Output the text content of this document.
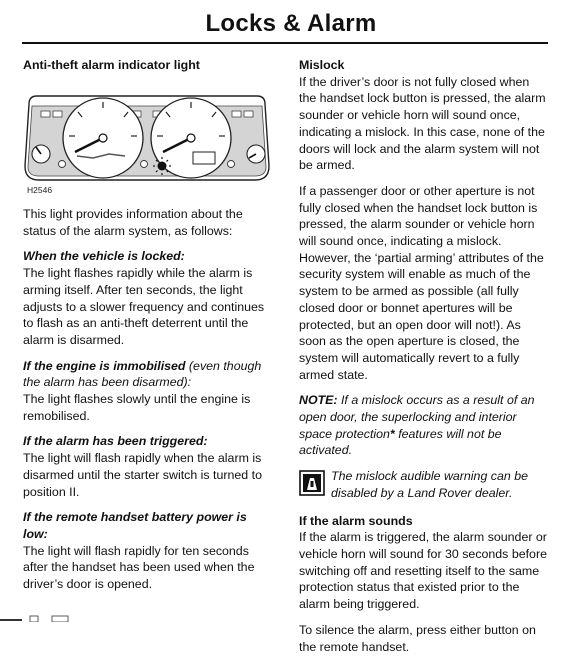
Locks & Alarm

Anti-theft alarm indicator light

H2546

This light provides information about the status of the alarm system, as follows:

When the vehicle is locked:

The light flashes rapidly while the alarm is arming itself. After ten seconds, the light adjusts to a slower frequency and continues to flash as an anti-theft deterrent until the alarm is disarmed.

If the engine is immobilised (even though the alarm has been disarmed):

The light flashes slowly until the engine is remobilised.

If the alarm has been triggered:

The light will flash rapidly when the alarm is disarmed until the starter switch is turned to position II.

If the remote handset battery power is low:

The light will flash rapidly for ten seconds after the handset has been used when the driver’s door is opened.

Mislock

If the driver’s door is not fully closed when the handset lock button is pressed, the alarm sounder or vehicle horn will sound once, indicating a mislock. In this case, none of the doors will lock and the alarm system will not be armed.

If a passenger door or other aperture is not fully closed when the handset lock button is pressed, the alarm sounder or vehicle horn will sound once, indicating a mislock. However, the ‘partial arming’ attributes of the security system will enable as much of the system to be armed as possible (all fully closed door or bonnet apertures will be protected, but an open door will not!). As soon as the open aperture is closed, the system will automatically revert to a fully armed state.

NOTE: If a mislock occurs as a result of an open door, the superlocking and interior space protection* features will not be activated.

The mislock audible warning can be disabled by a Land Rover dealer.

If the alarm sounds

If the alarm is triggered, the alarm sounder or vehicle horn will sound for 30 seconds before switching off and resetting itself to the same protection status that existed prior to the alarm being triggered.

To silence the alarm, press either button on the remote handset.
